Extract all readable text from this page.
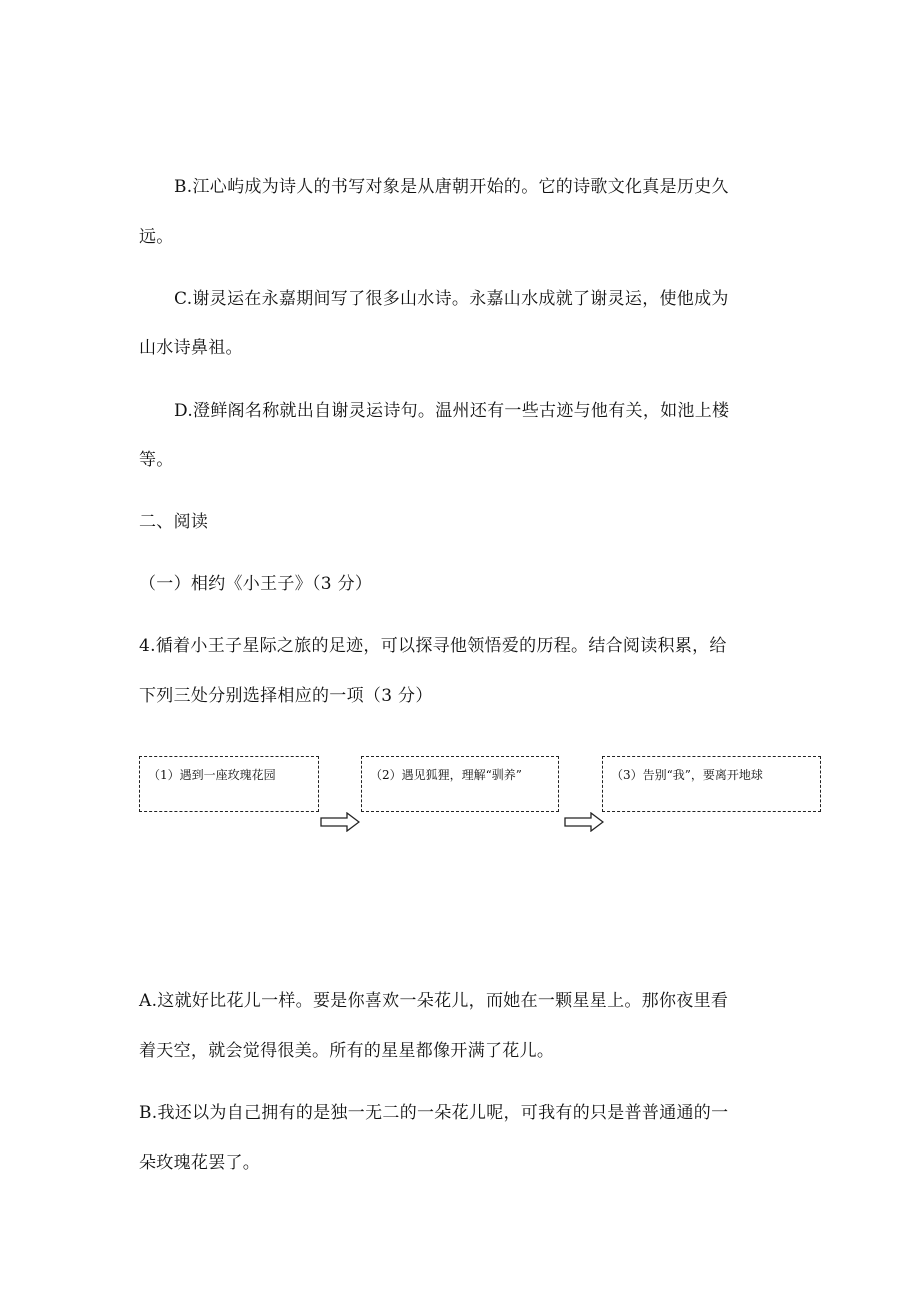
B.江心屿成为诗人的书写对象是从唐朝开始的。它的诗歌文化真是历史久
远。
C.谢灵运在永嘉期间写了很多山水诗。永嘉山水成就了谢灵运，使他成为
山水诗鼻祖。
D.澄鲜阁名称就出自谢灵运诗句。温州还有一些古迹与他有关，如池上楼
等。
二、阅读
（一）相约《小王子》（3 分）
4.循着小王子星际之旅的足迹，可以探寻他领悟爱的历程。结合阅读积累，给
下列三处分别选择相应的一项（3 分）
（1）遇到一座玫瑰花园	（2）遇见狐狸，理解“驯养”	（3）告别“我”，要离开地球
A.这就好比花儿一样。要是你喜欢一朵花儿，而她在一颗星星上。那你夜里看
着天空，就会觉得很美。所有的星星都像开满了花儿。
B.我还以为自己拥有的是独一无二的一朵花儿呢，可我有的只是普普通通的一
朵玫瑰花罢了。
